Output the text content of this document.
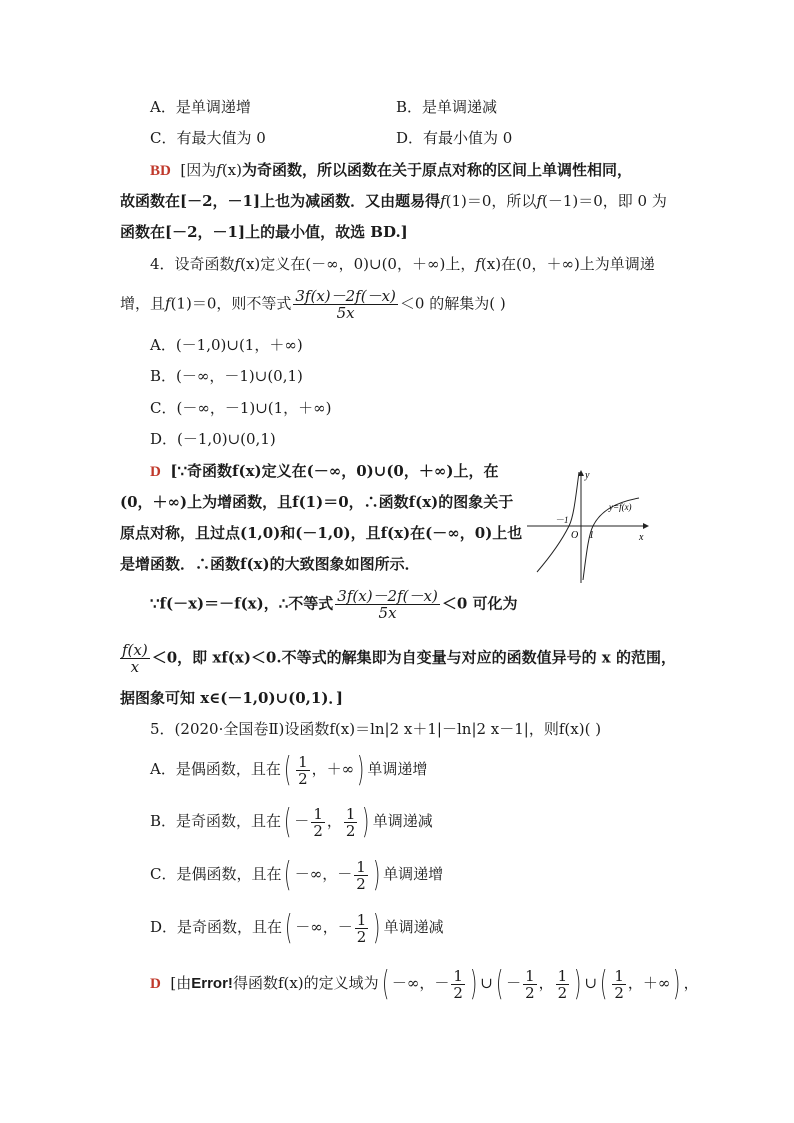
A．是单调递增	B．是单调递减
C．有最大值为 0	D．有最小值为 0
BD [因为f(x)为奇函数，所以函数在关于原点对称的区间上单调性相同，
故函数在[－2，－1]上也为减函数．又由题易得f(1)＝0，所以f(－1)＝0，即 0 为
函数在[－2，－1]上的最小值，故选 BD.]
4．设奇函数f(x)定义在(－∞，0)∪(0，＋∞)上，f(x)在(0，＋∞)上为单调递
增，且f(1)＝0，则不等式 $\frac{3f(x)-2f(-x)}{5x} <0$ 的解集为( )
A．(－1,0)∪(1，＋∞)
B．(－∞，－1)∪(0,1)
C．(－∞，－1)∪(1，＋∞)
D．(－1,0)∪(0,1)
D [∵奇函数f(x)定义在(－∞，0)∪(0，＋∞)上，在
(0，＋∞)上为增函数，且f(1)＝0，∴函数f(x)的图象关于
原点对称，且过点(1,0)和(－1,0)，且f(x)在(－∞，0)上也
是增函数．∴函数f(x)的大致图象如图所示．
y
x
y=f(x)
O
－1
1
∵f(－x)＝－f(x)，∴不等式 $\frac{3f(x)-2f(-x)}{5x} <0$ 可化为
$\frac{f(x)}{x} <0$，即 xf(x)＜0.不等式的解集即为自变量与对应的函数值异号的 x 的范围，
据图象可知 x∈(－1,0)∪(0,1)．]
5．(2020·全国卷Ⅱ)设函数f(x)＝ln|2 x＋1|－ln|2 x－1|，则f(x)( )
A．是偶函数，且在( $\frac{1}{2}$ ，＋∞) 单调递增
B．是奇函数，且在( － $\frac{1}{2}$ ， $\frac{1}{2}$ ) 单调递减
C．是偶函数，且在( －∞，－ $\frac{1}{2}$ ) 单调递增
D．是奇函数，且在( －∞，－ $\frac{1}{2}$ ) 单调递减
D [由Error!得函数f(x)的定义域为( －∞，－ $\frac{1}{2}$ ) ∪( － $\frac{1}{2}$ ， $\frac{1}{2}$ ) ∪( $\frac{1}{2}$ ，＋∞) ，
